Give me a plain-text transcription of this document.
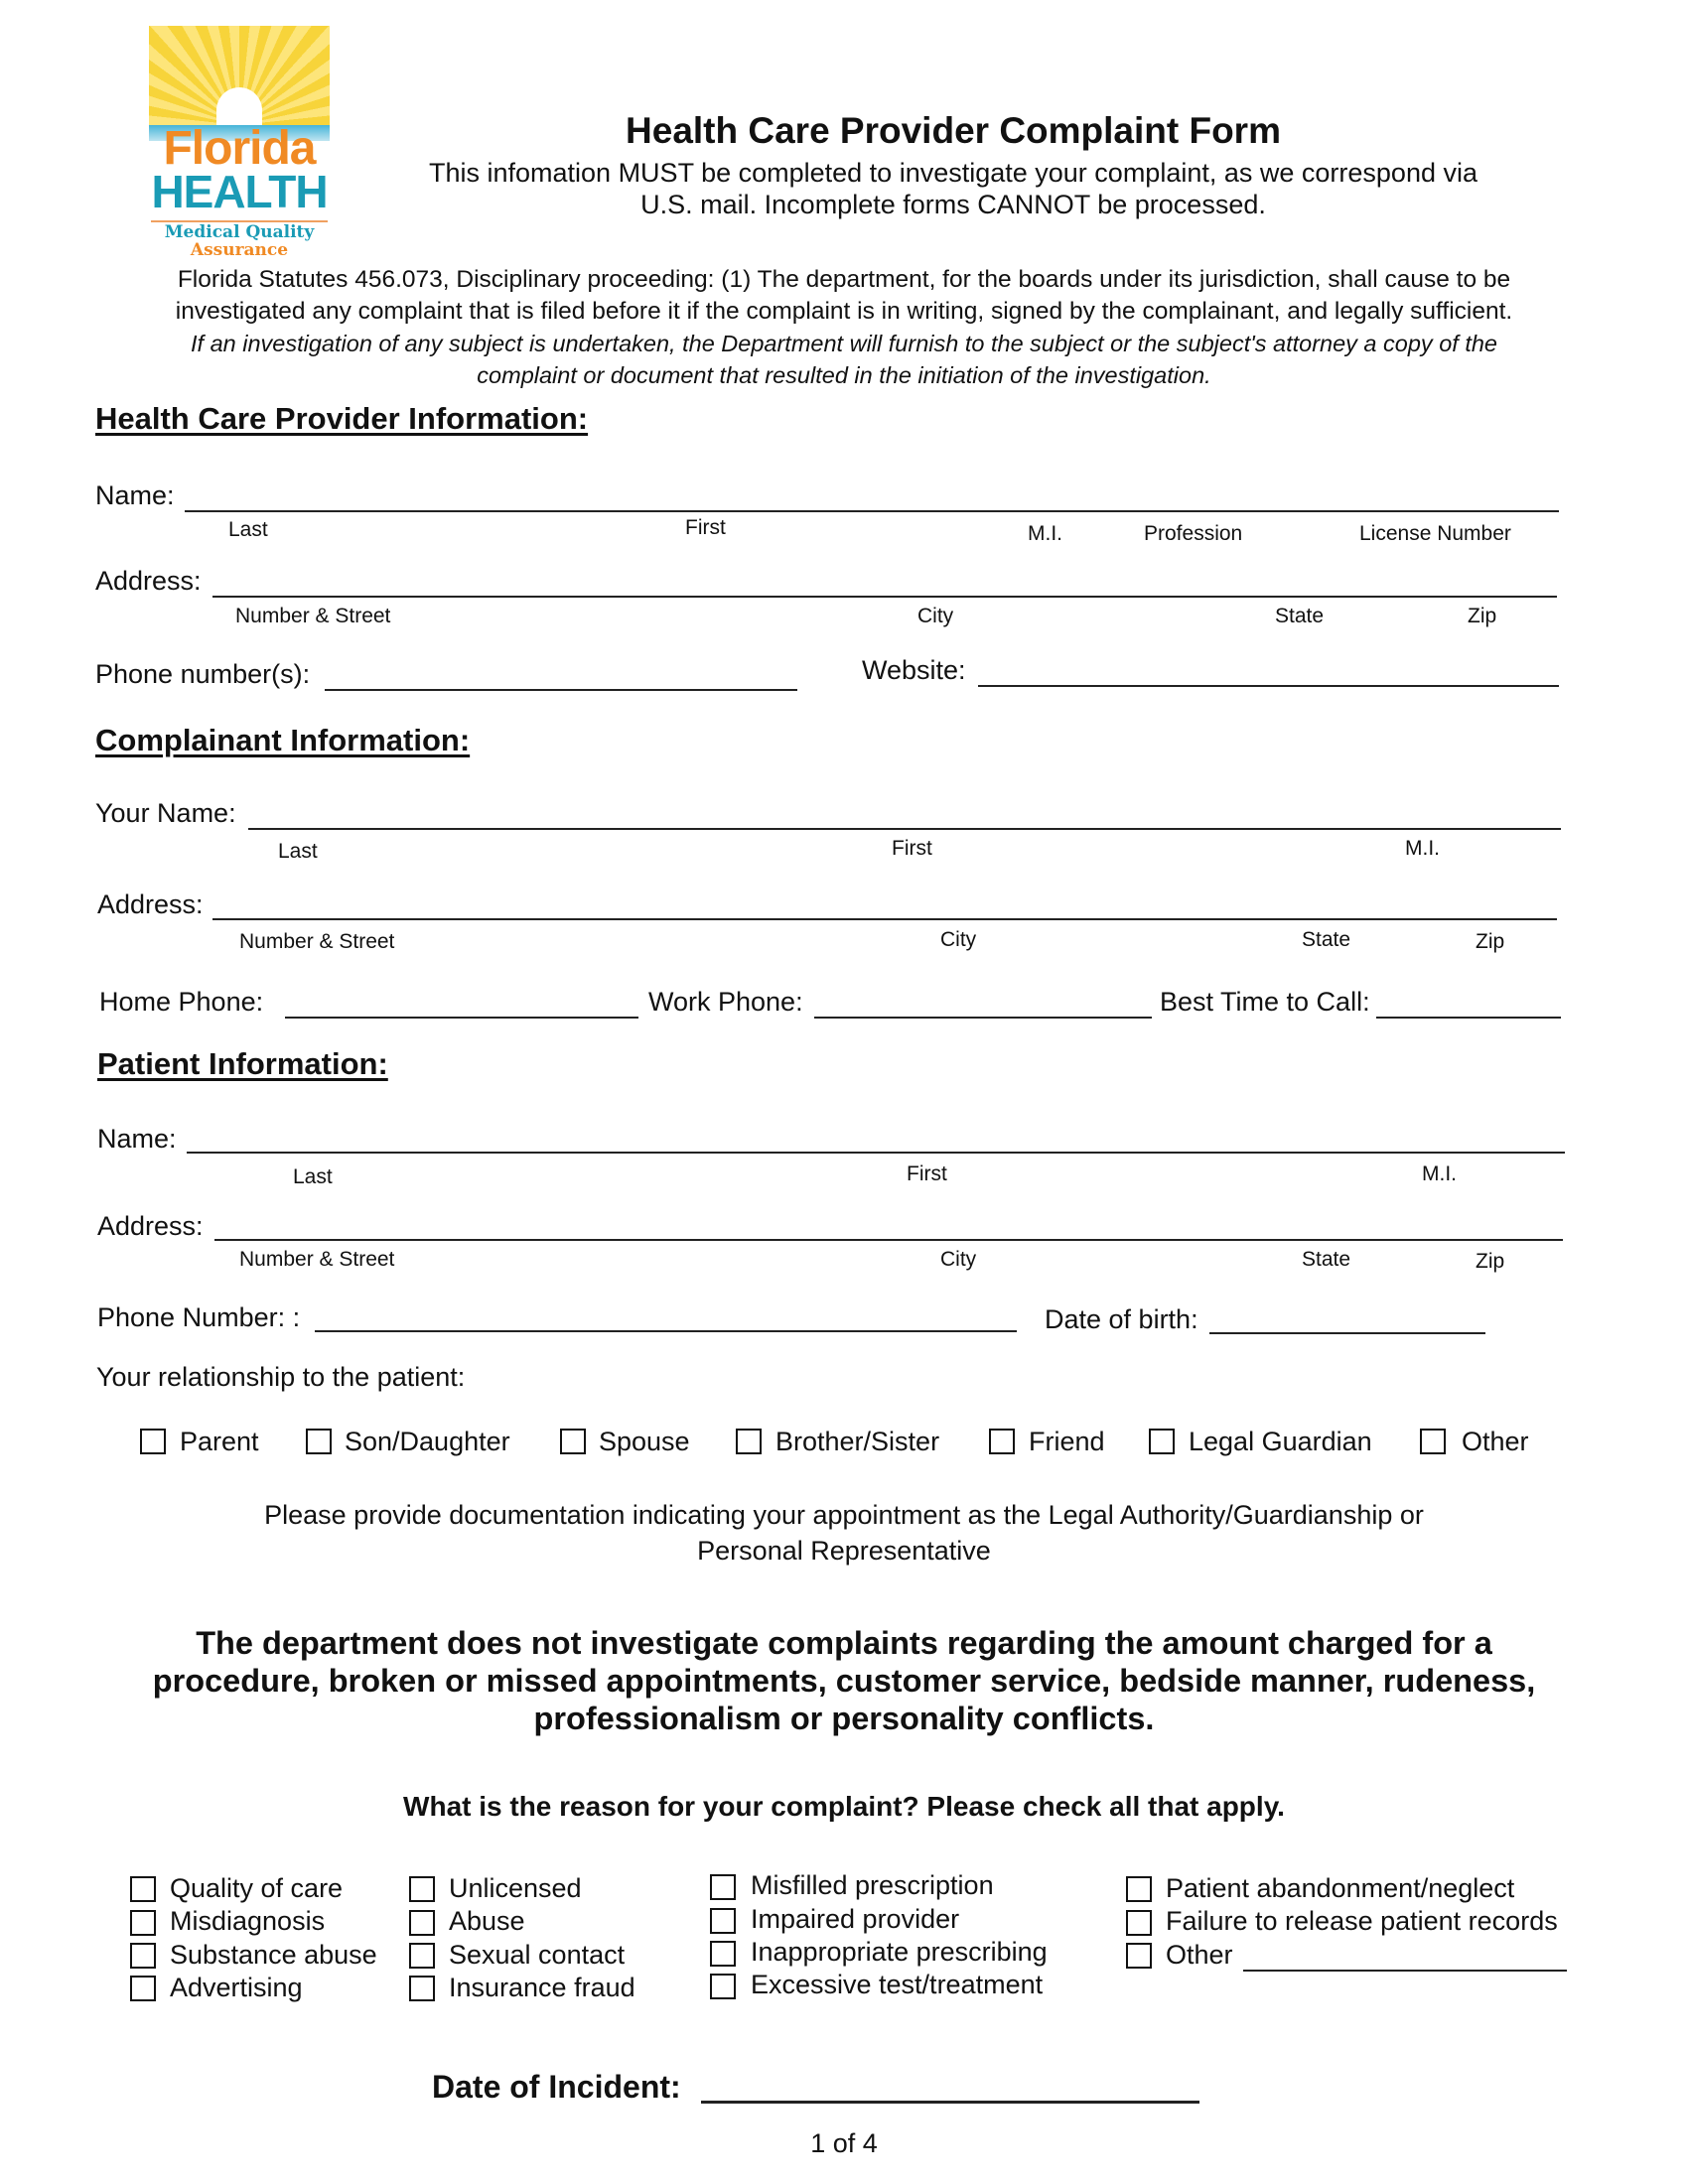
Florida
HEALTH
Medical Quality
Assurance
Health Care Provider Complaint Form
This infomation MUST be completed to investigate your complaint, as we correspond via
U.S. mail. Incomplete forms CANNOT be processed.
Florida Statutes 456.073, Disciplinary proceeding: (1) The department, for the boards under its jurisdiction, shall cause to be
investigated any complaint that is filed before it if the complaint is in writing, signed by the complainant, and legally sufficient.
If an investigation of any subject is undertaken, the Department will furnish to the subject or the subject's attorney a copy of the
complaint or document that resulted in the initiation of the investigation.
Health Care Provider Information:
Name:
Last	First	M.I.	Profession	License Number
Address:
Number & Street	City	State	Zip
Phone number(s):	Website:
Complainant Information:
Your Name:
Last	First	M.I.
Address:
Number & Street	City	State	Zip
Home Phone:	Work Phone:	Best Time to Call:
Patient Information:
Name:
Last	First	M.I.
Address:
Number & Street	City	State	Zip
Phone Number: :	Date of birth:
Your relationship to the patient:
Parent	Son/Daughter	Spouse	Brother/Sister	Friend	Legal Guardian	Other
Please provide documentation indicating your appointment as the Legal Authority/Guardianship or
Personal Representative
The department does not investigate complaints regarding the amount charged for a
procedure, broken or missed appointments, customer service, bedside manner, rudeness,
professionalism or personality conflicts.
What is the reason for your complaint? Please check all that apply.
Quality of care
Misdiagnosis
Substance abuse
Advertising
Unlicensed
Abuse
Sexual contact
Insurance fraud
Misfilled prescription
Impaired provider
Inappropriate prescribing
Excessive test/treatment
Patient abandonment/neglect
Failure to release patient records
Other
Date of Incident:
1 of 4
